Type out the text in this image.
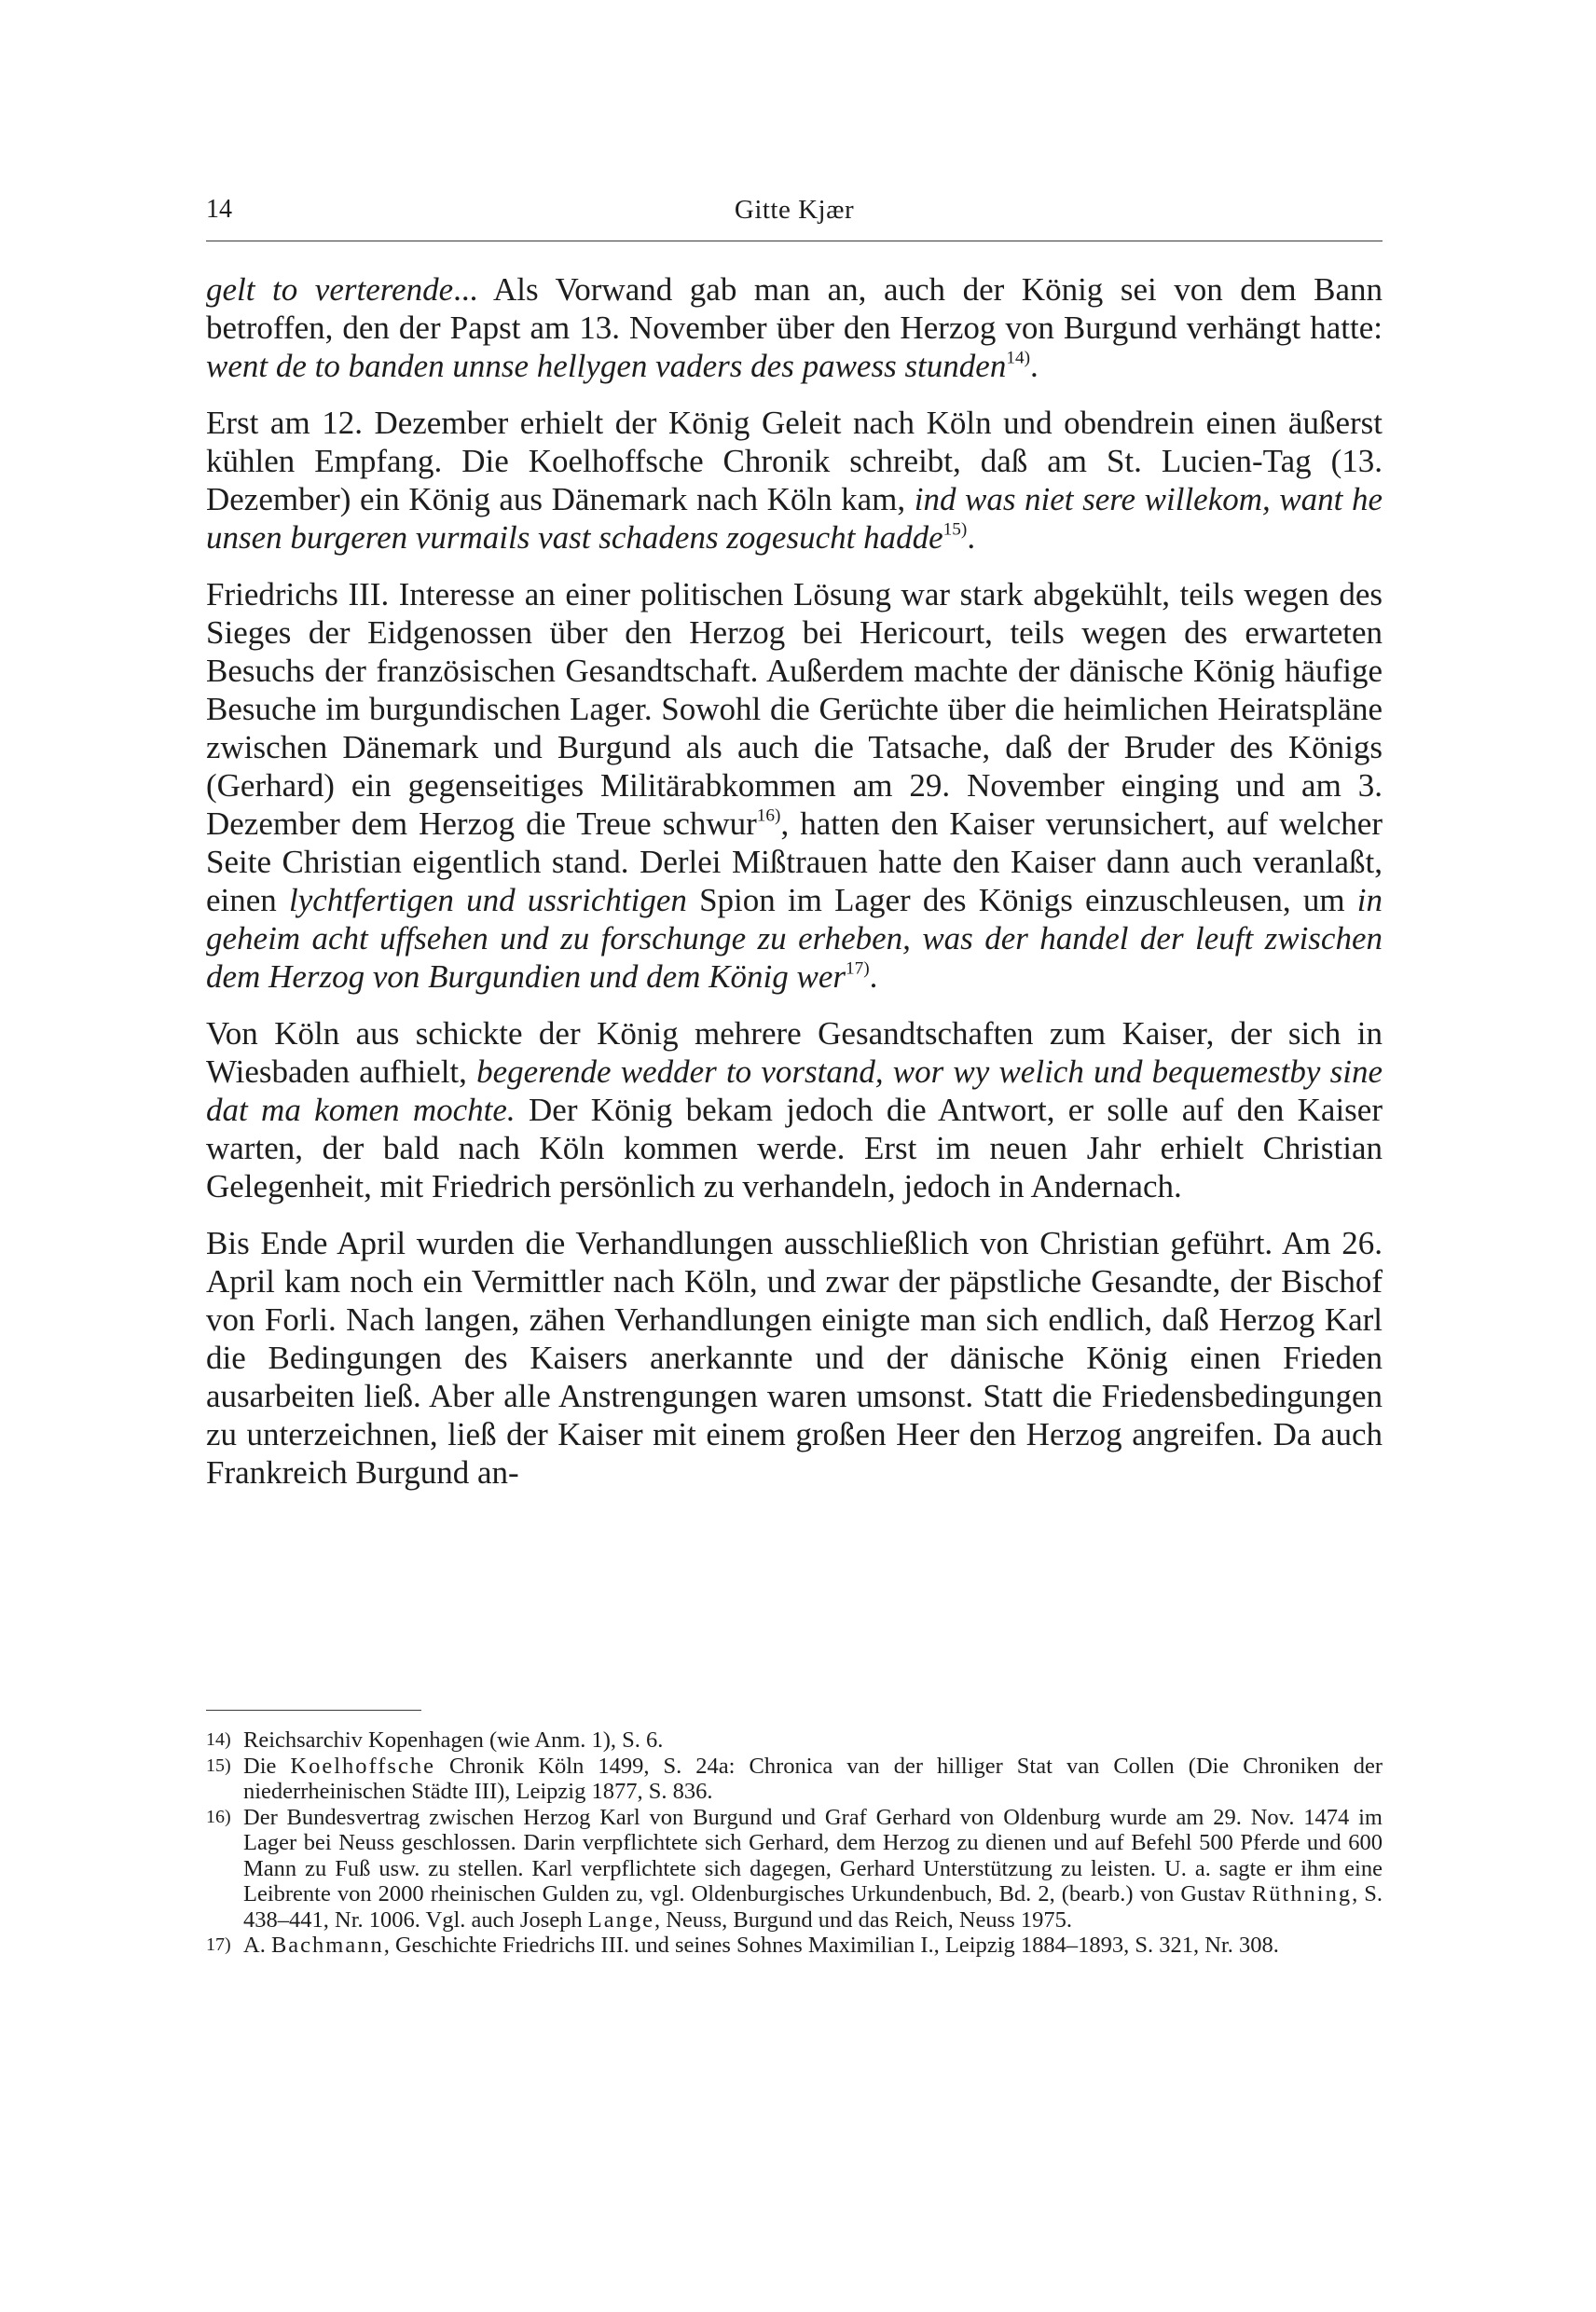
14	Gitte Kjær

gelt to verterende... Als Vorwand gab man an, auch der König sei von dem Bann betroffen, den der Papst am 13. November über den Herzog von Burgund verhängt hatte: went de to banden unnse hellygen vaders des pawess stunden$^{14)}$.

Erst am 12. Dezember erhielt der König Geleit nach Köln und obendrein einen äußerst kühlen Empfang. Die Koelhoffsche Chronik schreibt, daß am St. Lucien-Tag (13. Dezember) ein König aus Dänemark nach Köln kam, ind was niet sere willekom, want he unsen burgeren vurmails vast schadens zogesucht hadde$^{15)}$.

Friedrichs III. Interesse an einer politischen Lösung war stark abgekühlt, teils wegen des Sieges der Eidgenossen über den Herzog bei Hericourt, teils wegen des erwarteten Besuchs der französischen Gesandtschaft. Außerdem machte der dänische König häufige Besuche im burgundischen Lager. Sowohl die Gerüchte über die heimlichen Heiratspläne zwischen Dänemark und Burgund als auch die Tatsache, daß der Bruder des Königs (Gerhard) ein gegenseitiges Militärabkommen am 29. November einging und am 3. Dezember dem Herzog die Treue schwur$^{16)}$, hatten den Kaiser verunsichert, auf welcher Seite Christian eigentlich stand. Derlei Mißtrauen hatte den Kaiser dann auch veranlaßt, einen lychtfertigen und ussrichtigen Spion im Lager des Königs einzuschleusen, um in geheim acht uffsehen und zu forschunge zu erheben, was der handel der leuft zwischen dem Herzog von Burgundien und dem König wer$^{17)}$.

Von Köln aus schickte der König mehrere Gesandtschaften zum Kaiser, der sich in Wiesbaden aufhielt, begerende wedder to vorstand, wor wy welich und bequemestby sine dat ma komen mochte. Der König bekam jedoch die Antwort, er solle auf den Kaiser warten, der bald nach Köln kommen werde. Erst im neuen Jahr erhielt Christian Gelegenheit, mit Friedrich persönlich zu verhandeln, jedoch in Andernach.

Bis Ende April wurden die Verhandlungen ausschließlich von Christian geführt. Am 26. April kam noch ein Vermittler nach Köln, und zwar der päpstliche Gesandte, der Bischof von Forli. Nach langen, zähen Verhandlungen einigte man sich endlich, daß Herzog Karl die Bedingungen des Kaisers anerkannte und der dänische König einen Frieden ausarbeiten ließ. Aber alle Anstrengungen waren umsonst. Statt die Friedensbedingungen zu unterzeichnen, ließ der Kaiser mit einem großen Heer den Herzog angreifen. Da auch Frankreich Burgund an-

14) Reichsarchiv Kopenhagen (wie Anm. 1), S. 6.
15) Die Koelhoffsche Chronik Köln 1499, S. 24a: Chronica van der hilliger Stat van Collen (Die Chroniken der niederrheinischen Städte III), Leipzig 1877, S. 836.
16) Der Bundesvertrag zwischen Herzog Karl von Burgund und Graf Gerhard von Oldenburg wurde am 29. Nov. 1474 im Lager bei Neuss geschlossen. Darin verpflichtete sich Gerhard, dem Herzog zu dienen und auf Befehl 500 Pferde und 600 Mann zu Fuß usw. zu stellen. Karl verpflichtete sich dagegen, Gerhard Unterstützung zu leisten. U. a. sagte er ihm eine Leibrente von 2000 rheinischen Gulden zu, vgl. Oldenburgisches Urkundenbuch, Bd. 2, (bearb.) von Gustav Rüthning, S. 438–441, Nr. 1006. Vgl. auch Joseph Lange, Neuss, Burgund und das Reich, Neuss 1975.
17) A. Bachmann, Geschichte Friedrichs III. und seines Sohnes Maximilian I., Leipzig 1884–1893, S. 321, Nr. 308.
